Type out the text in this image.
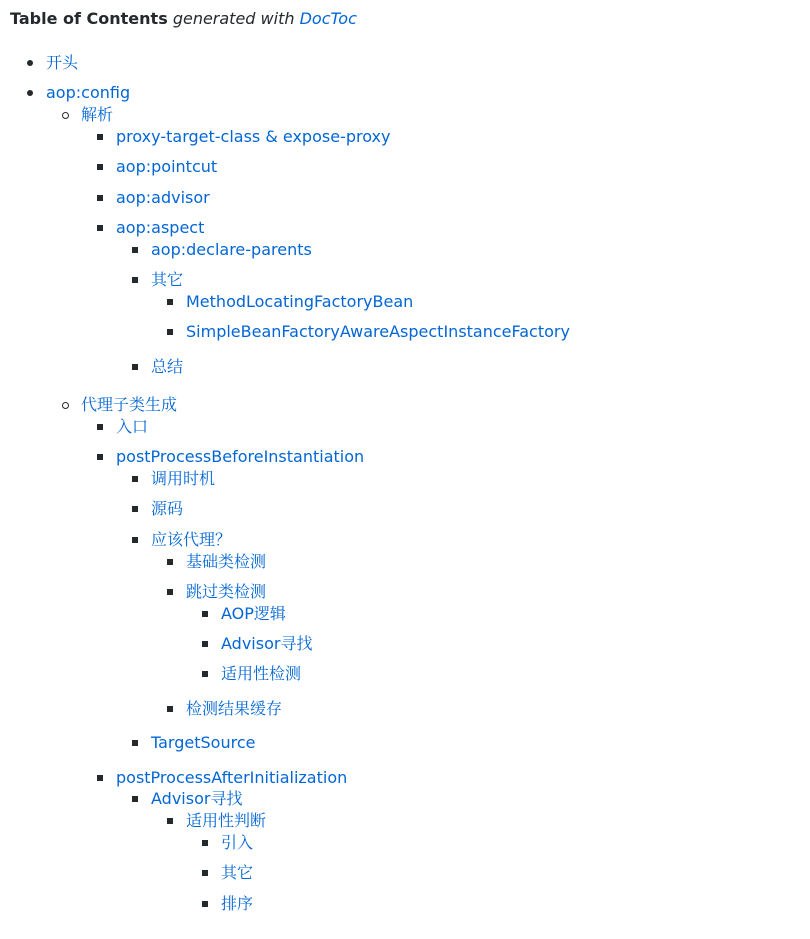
Table of Contents generated with DocToc
开头
aop:config
解析
proxy-target-class & expose-proxy
aop:pointcut
aop:advisor
aop:aspect
aop:declare-parents
其它
MethodLocatingFactoryBean
SimpleBeanFactoryAwareAspectInstanceFactory
总结
代理子类生成
入口
postProcessBeforeInstantiation
调用时机
源码
应该代理？
基础类检测
跳过类检测
AOP逻辑
Advisor寻找
适用性检测
检测结果缓存
TargetSource
postProcessAfterInitialization
Advisor寻找
适用性判断
引入
其它
排序
